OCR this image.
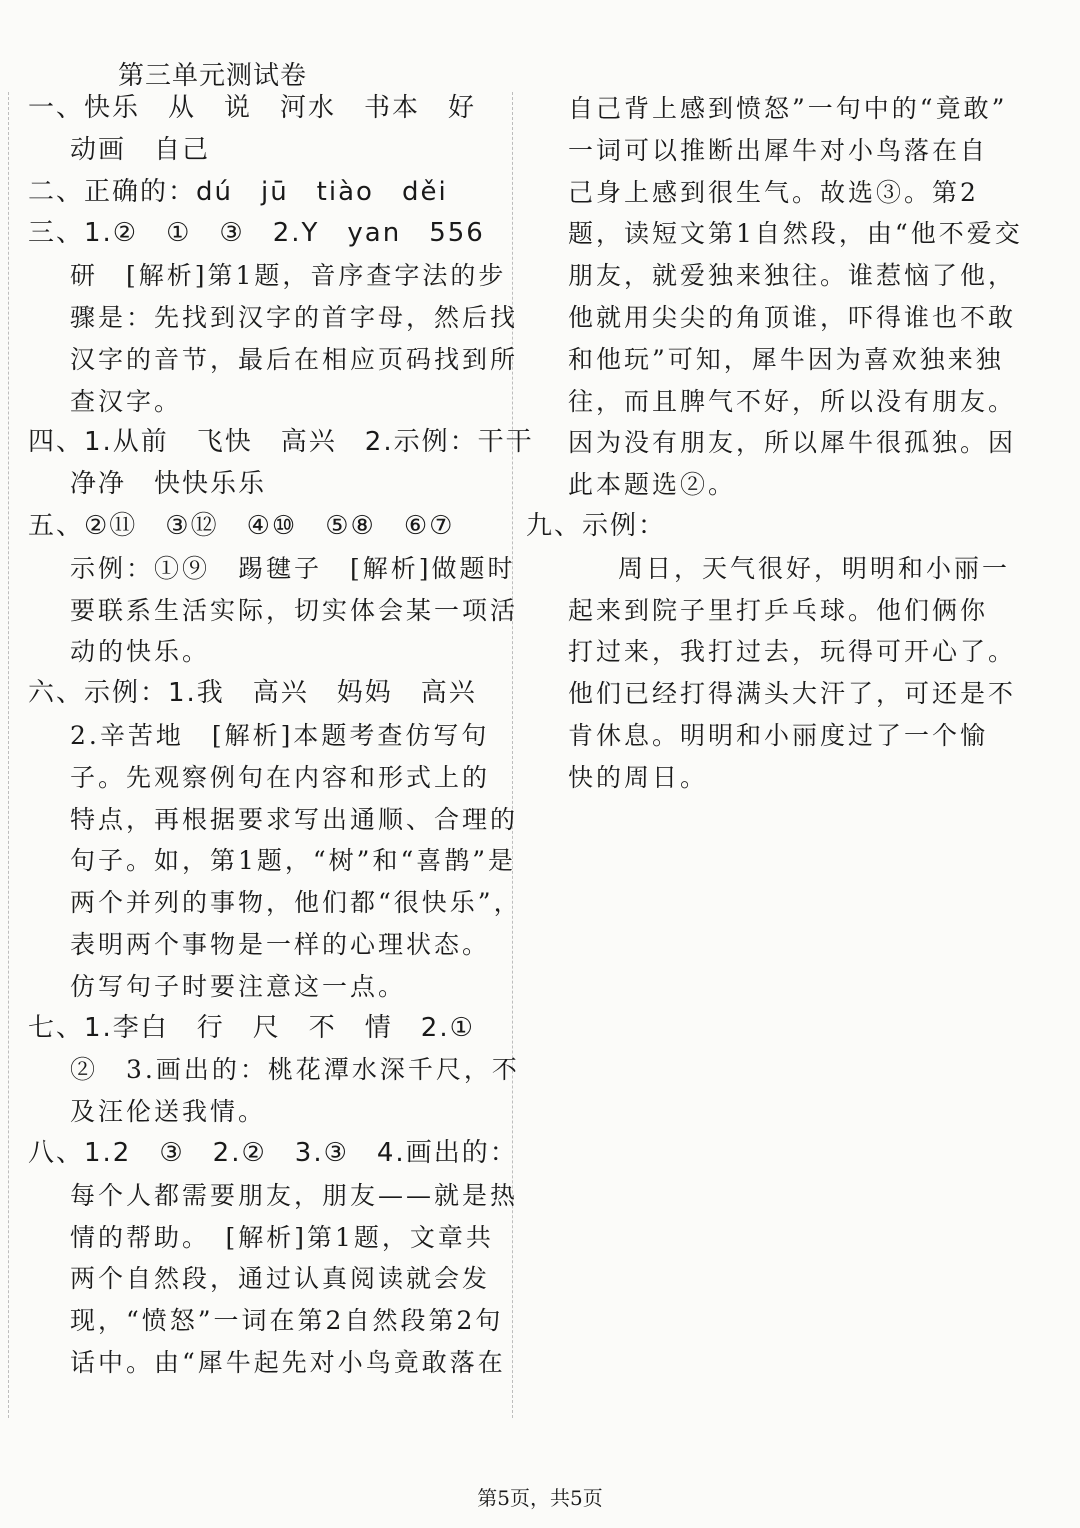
第三单元测试卷
一、快乐　从　说　河水　书本　好
动画　自己
二、正确的：dú　jū　tiào　děi
三、1.②　①　③　2.Y　yan　556
研　[解析]第1题，音序查字法的步
骤是：先找到汉字的首字母，然后找
汉字的音节，最后在相应页码找到所
查汉字。
四、1.从前　飞快　高兴　2.示例：干干
净净　快快乐乐
五、②⑪　③⑫　④⑩　⑤⑧　⑥⑦
示例：①⑨　踢毽子　[解析]做题时
要联系生活实际，切实体会某一项活
动的快乐。
六、示例：1.我　高兴　妈妈　高兴
2.辛苦地　[解析]本题考查仿写句
子。先观察例句在内容和形式上的
特点，再根据要求写出通顺、合理的
句子。如，第1题，“树”和“喜鹊”是
两个并列的事物，他们都“很快乐”，
表明两个事物是一样的心理状态。
仿写句子时要注意这一点。
七、1.李白　行　尺　不　情　2.①
②　3.画出的：桃花潭水深千尺，不
及汪伦送我情。
八、1.2　③　2.②　3.③　4.画出的：
每个人都需要朋友，朋友——就是热
情的帮助。　[解析]第1题，文章共
两个自然段，通过认真阅读就会发
现，“愤怒”一词在第2自然段第2句
话中。由“犀牛起先对小鸟竟敢落在
自己背上感到愤怒”一句中的“竟敢”
一词可以推断出犀牛对小鸟落在自
己身上感到很生气。故选③。第2
题，读短文第1自然段，由“他不爱交
朋友，就爱独来独往。谁惹恼了他，
他就用尖尖的角顶谁，吓得谁也不敢
和他玩”可知，犀牛因为喜欢独来独
往，而且脾气不好，所以没有朋友。
因为没有朋友，所以犀牛很孤独。因
此本题选②。
九、示例：
周日，天气很好，明明和小丽一
起来到院子里打乒乓球。他们俩你
打过来，我打过去，玩得可开心了。
他们已经打得满头大汗了，可还是不
肯休息。明明和小丽度过了一个愉
快的周日。
第5页，共5页
